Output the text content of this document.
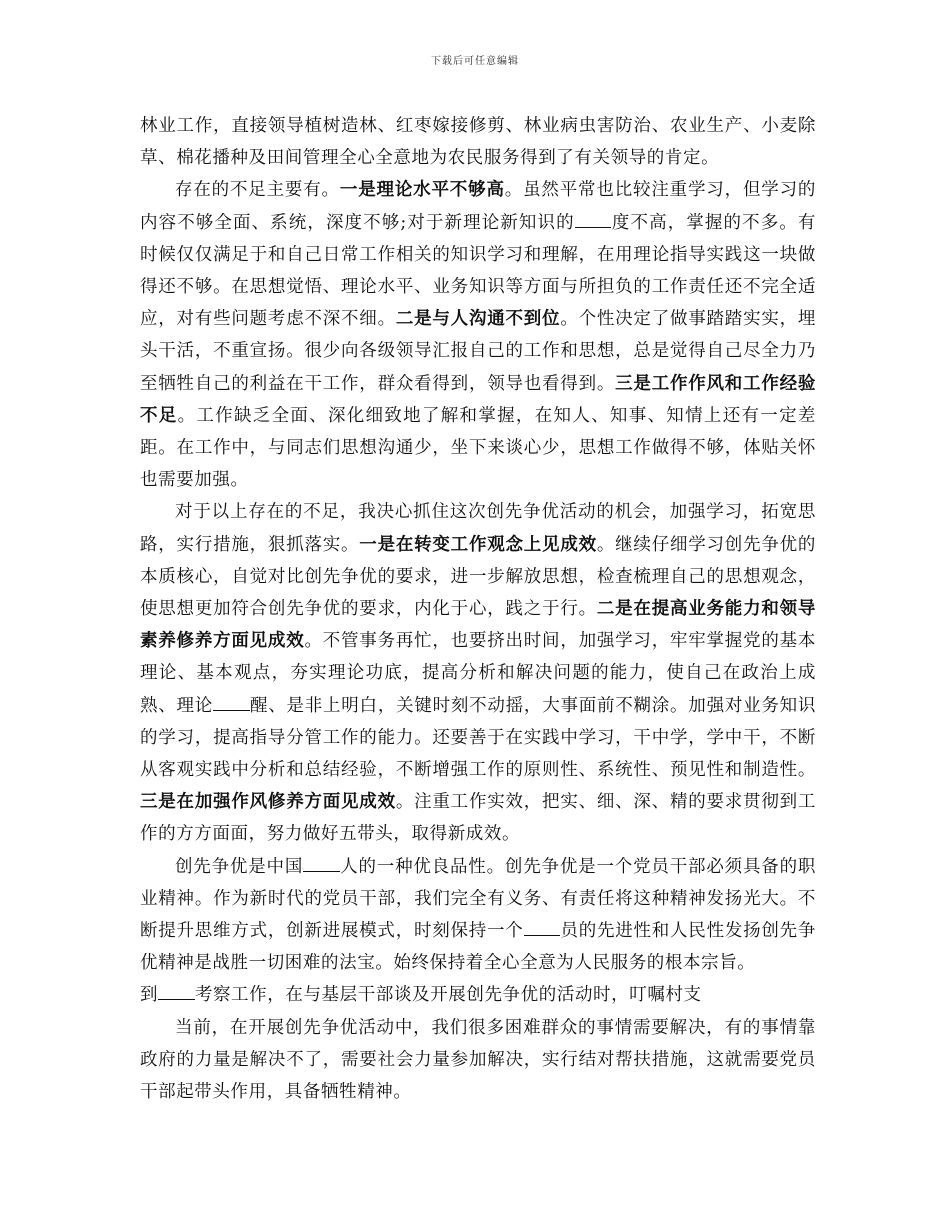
下载后可任意编辑

林业工作，直接领导植树造林、红枣嫁接修剪、林业病虫害防治、农业生产、小麦除草、棉花播种及田间管理全心全意地为农民服务得到了有关领导的肯定。

存在的不足主要有。一是理论水平不够高。虽然平常也比较注重学习，但学习的内容不够全面、系统，深度不够;对于新理论新知识的 度不高，掌握的不多。有时候仅仅满足于和自己日常工作相关的知识学习和理解，在用理论指导实践这一块做得还不够。在思想觉悟、理论水平、业务知识等方面与所担负的工作责任还不完全适应，对有些问题考虑不深不细。二是与人沟通不到位。个性决定了做事踏踏实实，埋头干活，不重宣扬。很少向各级领导汇报自己的工作和思想，总是觉得自己尽全力乃至牺牲自己的利益在干工作，群众看得到，领导也看得到。三是工作作风和工作经验不足。工作缺乏全面、深化细致地了解和掌握，在知人、知事、知情上还有一定差距。在工作中，与同志们思想沟通少，坐下来谈心少，思想工作做得不够，体贴关怀也需要加强。

对于以上存在的不足，我决心抓住这次创先争优活动的机会，加强学习，拓宽思路，实行措施，狠抓落实。一是在转变工作观念上见成效。继续仔细学习创先争优的本质核心，自觉对比创先争优的要求，进一步解放思想，检查梳理自己的思想观念，使思想更加符合创先争优的要求，内化于心，践之于行。二是在提高业务能力和领导素养修养方面见成效。不管事务再忙，也要挤出时间，加强学习，牢牢掌握党的基本理论、基本观点，夯实理论功底，提高分析和解决问题的能力，使自己在政治上成熟、理论 醒、是非上明白，关键时刻不动摇，大事面前不糊涂。加强对业务知识的学习，提高指导分管工作的能力。还要善于在实践中学习，干中学，学中干，不断从客观实践中分析和总结经验，不断增强工作的原则性、系统性、预见性和制造性。三是在加强作风修养方面见成效。注重工作实效，把实、细、深、精的要求贯彻到工作的方方面面，努力做好五带头，取得新成效。

创先争优是中国 人的一种优良品性。创先争优是一个党员干部必须具备的职业精神。作为新时代的党员干部，我们完全有义务、有责任将这种精神发扬光大。不断提升思维方式，创新进展模式，时刻保持一个 员的先进性和人民性发扬创先争优精神是战胜一切困难的法宝。始终保持着全心全意为人民服务的根本宗旨。

到 考察工作，在与基层干部谈及开展创先争优的活动时，叮嘱村支

当前，在开展创先争优活动中，我们很多困难群众的事情需要解决，有的事情靠政府的力量是解决不了，需要社会力量参加解决，实行结对帮扶措施，这就需要党员干部起带头作用，具备牺牲精神。
